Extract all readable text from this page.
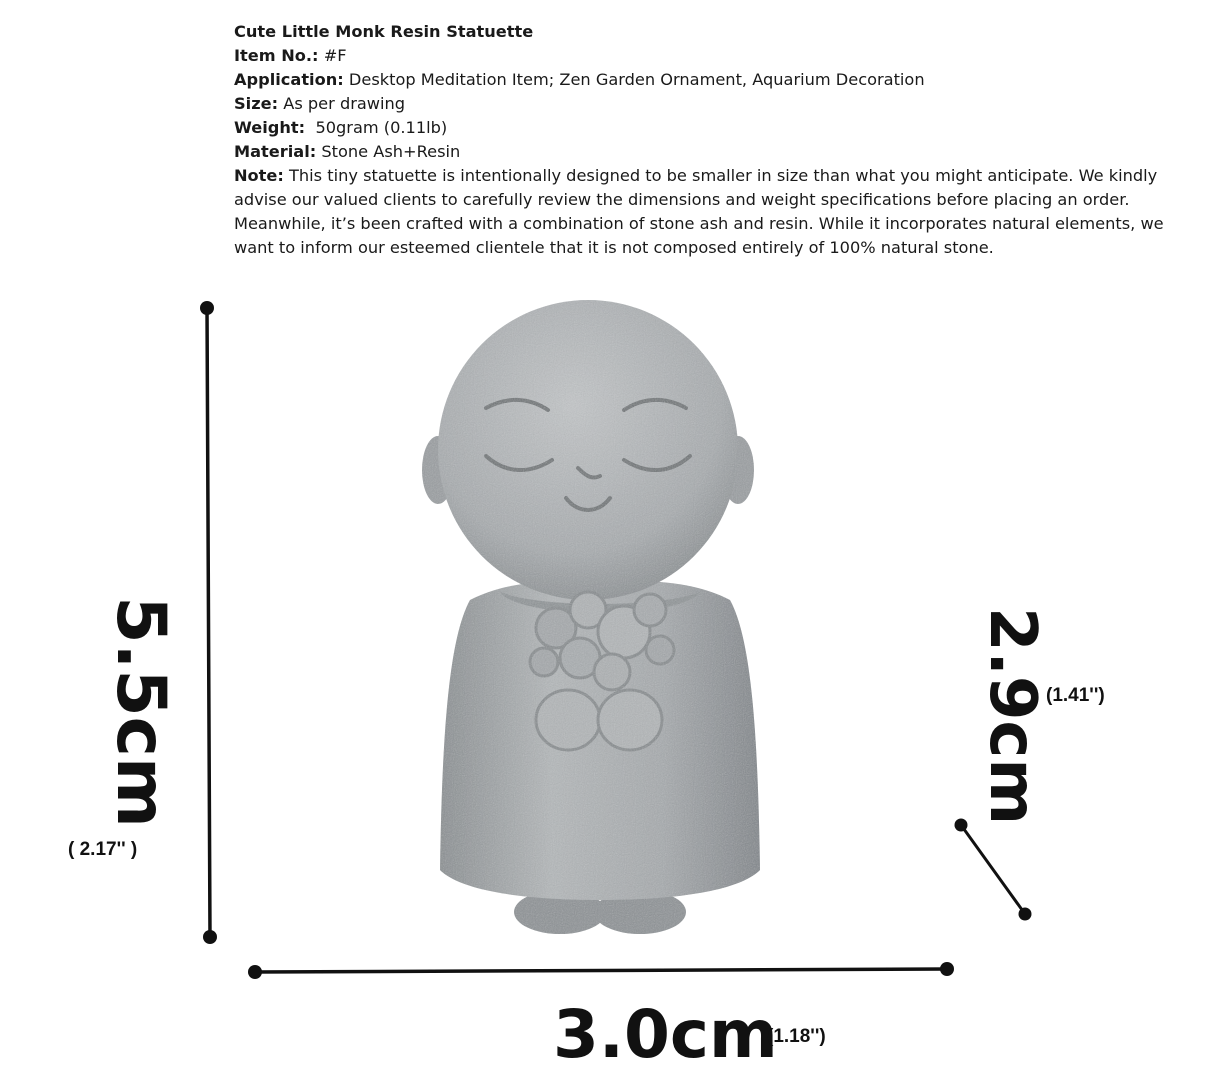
Cute Little Monk Resin Statuette
Item No.: #F
Application: Desktop Meditation Item; Zen Garden Ornament, Aquarium Decoration
Size: As per drawing
Weight: 50gram (0.11lb)
Material: Stone Ash+Resin
Note: This tiny statuette is intentionally designed to be smaller in size than what you might anticipate. We kindly advise our valued clients to carefully review the dimensions and weight specifications before placing an order. Meanwhile, it’s been crafted with a combination of stone ash and resin. While it incorporates natural elements, we want to inform our esteemed clientele that it is not composed entirely of 100% natural stone.
5.5cm
( 2.17'' )
2.9cm
(1.41'')
3.0cm
(1.18'')
